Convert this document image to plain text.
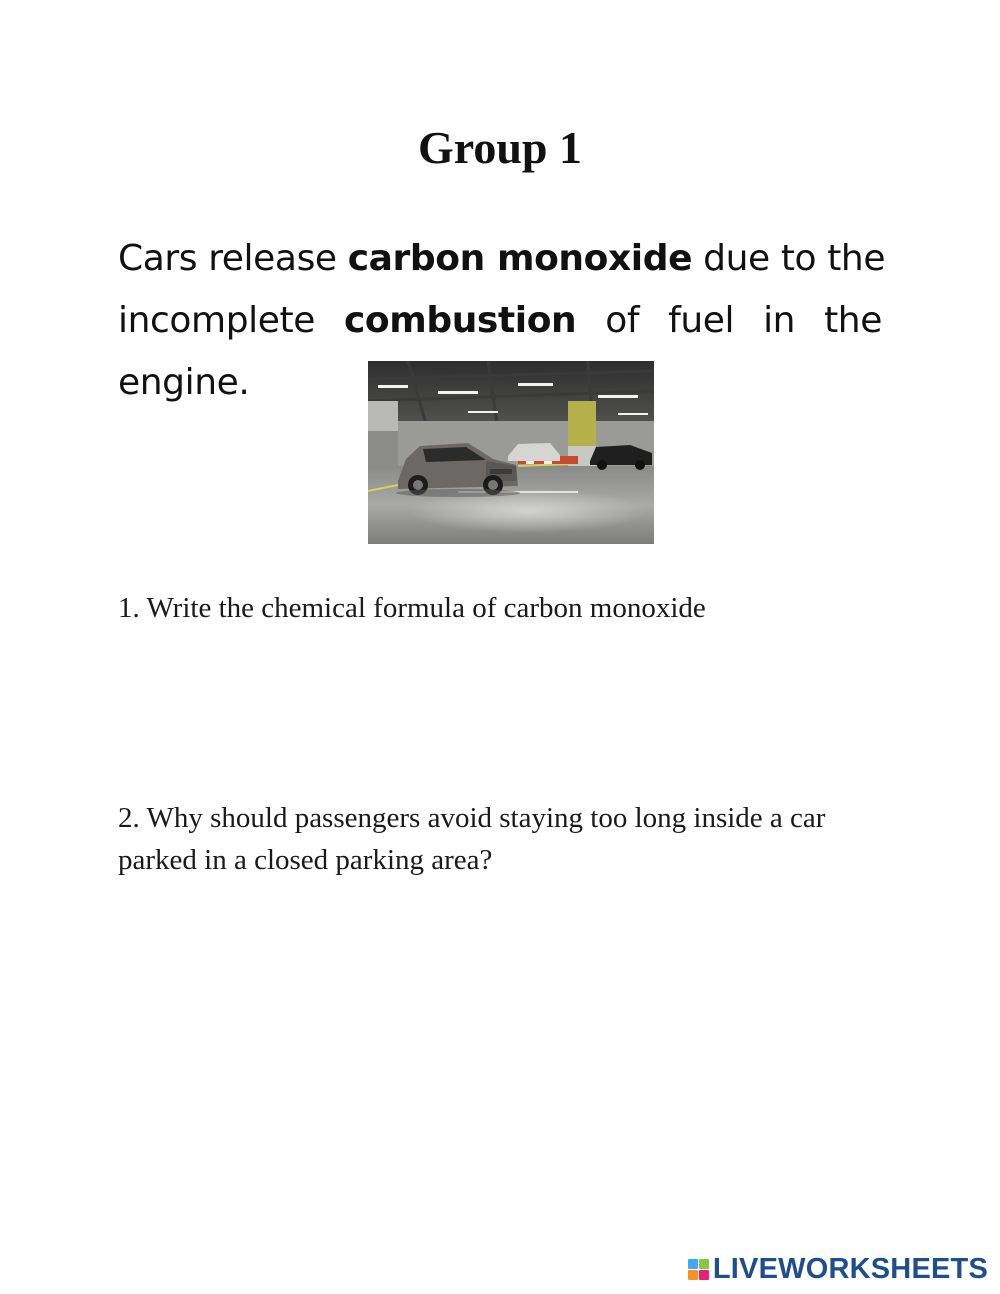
Group 1
Cars release carbon monoxide due to the
incomplete combustion of fuel in the
engine.

1. Write the chemical formula of carbon monoxide

2. Why should passengers avoid staying too long inside a car parked in a closed parking area?

LIVEWORKSHEETS
